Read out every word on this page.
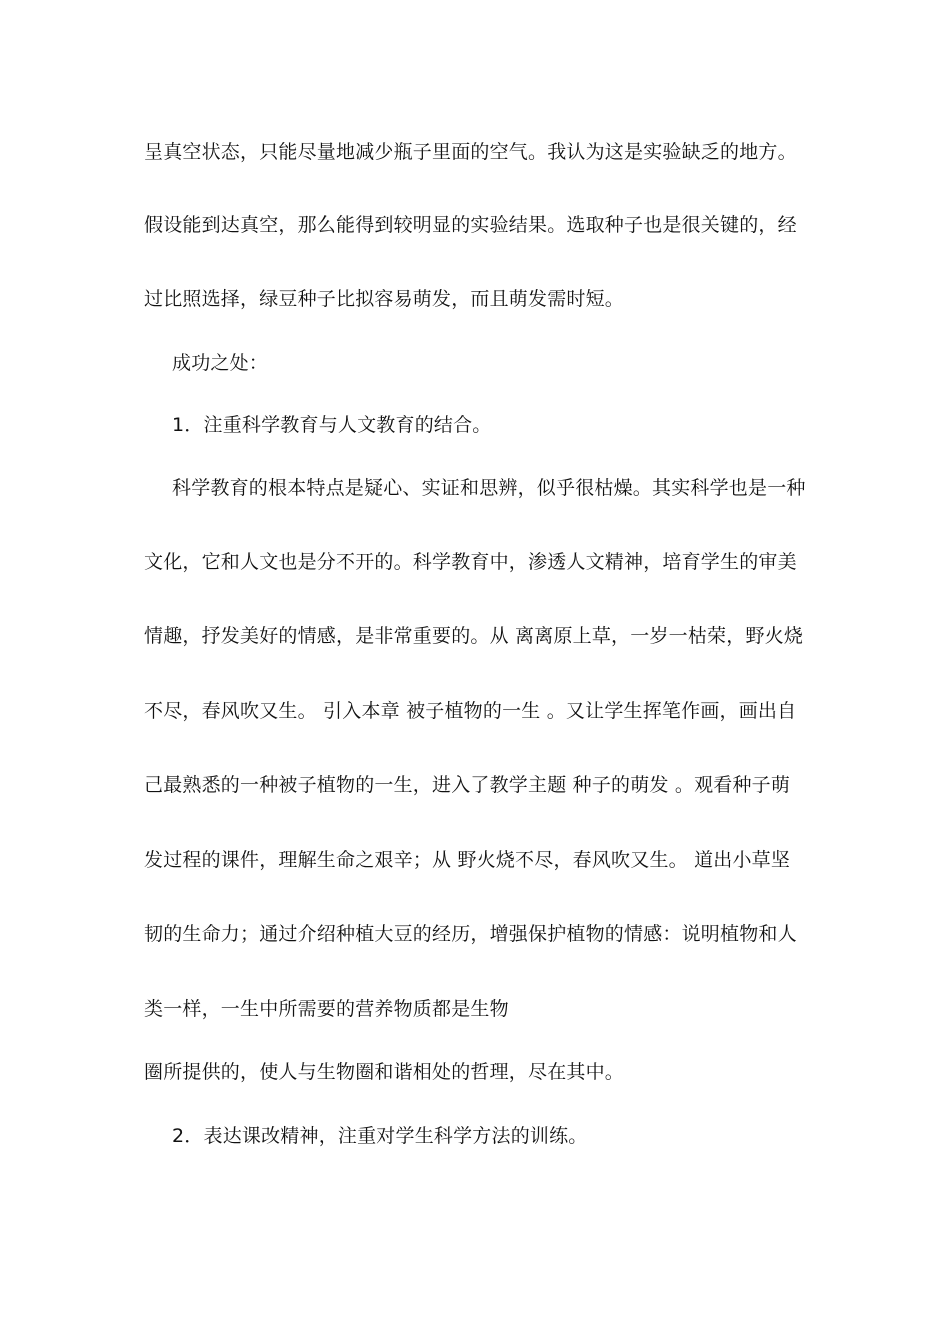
呈真空状态，只能尽量地减少瓶子里面的空气。我认为这是实验缺乏的地方。
假设能到达真空，那么能得到较明显的实验结果。选取种子也是很关键的，经
过比照选择，绿豆种子比拟容易萌发，而且萌发需时短。
成功之处：
1．注重科学教育与人文教育的结合。
科学教育的根本特点是疑心、实证和思辨，似乎很枯燥。其实科学也是一种
文化，它和人文也是分不开的。科学教育中，渗透人文精神，培育学生的审美
情趣，抒发美好的情感，是非常重要的。从 离离原上草，一岁一枯荣，野火烧
不尽，春风吹又生。 引入本章 被子植物的一生 。又让学生挥笔作画，画出自
己最熟悉的一种被子植物的一生，进入了教学主题 种子的萌发 。观看种子萌
发过程的课件，理解生命之艰辛；从 野火烧不尽，春风吹又生。 道出小草坚
韧的生命力；通过介绍种植大豆的经历，增强保护植物的情感：说明植物和人
类一样，一生中所需要的营养物质都是生物
圈所提供的，使人与生物圈和谐相处的哲理，尽在其中。
2．表达课改精神，注重对学生科学方法的训练。
